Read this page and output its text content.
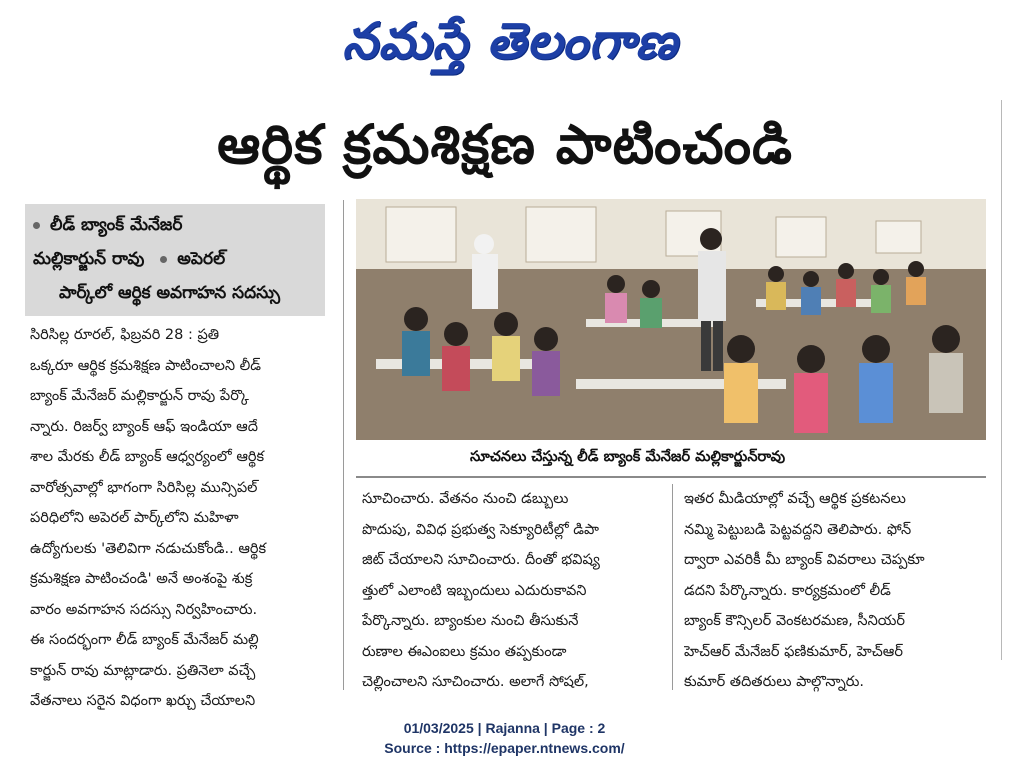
నమస్తే తెలంగాణ
ఆర్థిక క్రమశిక్షణ పాటించండి
లీడ్ బ్యాంక్ మేనేజర్
మల్లికార్జున్ రావు అపెరల్
పార్క్‌లో ఆర్థిక అవగాహన సదస్సు
సిరిసిల్ల రూరల్, ఫిబ్రవరి 28 : ప్రతి
ఒక్కరూ ఆర్థిక క్రమశిక్షణ పాటించాలని లీడ్
బ్యాంక్ మేనేజర్ మల్లికార్జున్ రావు పేర్కొ
న్నారు. రిజర్వ్ బ్యాంక్ ఆఫ్ ఇండియా ఆదే
శాల మేరకు లీడ్ బ్యాంక్ ఆధ్వర్యంలో ఆర్థిక
వారోత్సవాల్లో భాగంగా సిరిసిల్ల మున్సిపల్
పరిధిలోని అపెరల్ పార్క్‌లోని మహిళా
ఉద్యోగులకు 'తెలివిగా నడుచుకోండి.. ఆర్థిక
క్రమశిక్షణ పాటించండి' అనే అంశంపై శుక్ర
వారం అవగాహన సదస్సు నిర్వహించారు.
ఈ సందర్భంగా లీడ్ బ్యాంక్ మేనేజర్ మల్లి
కార్జున్ రావు మాట్లాడారు. ప్రతినెలా వచ్చే
వేతనాలు సరైన విధంగా ఖర్చు చేయాలని
సూచనలు చేస్తున్న లీడ్ బ్యాంక్ మేనేజర్ మల్లికార్జున్‌రావు
సూచించారు. వేతనం నుంచి డబ్బులు
పొదుపు, వివిధ ప్రభుత్వ సెక్యూరిటీల్లో డిపా
జిట్ చేయాలని సూచించారు. దీంతో భవిష్య
త్తులో ఎలాంటి ఇబ్బందులు ఎదురుకావని
పేర్కొన్నారు. బ్యాంకుల నుంచి తీసుకునే
రుణాల ఈఎంఐలు క్రమం తప్పకుండా
చెల్లించాలని సూచించారు. అలాగే సోషల్,
ఇతర మీడియాల్లో వచ్చే ఆర్థిక ప్రకటనలు
నమ్మి పెట్టుబడి పెట్టవద్దని తెలిపారు. ఫోన్
ద్వారా ఎవరికీ మీ బ్యాంక్ వివరాలు చెప్పకూ
డదని పేర్కొన్నారు. కార్యక్రమంలో లీడ్
బ్యాంక్ కౌన్సిలర్ వెంకటరమణ, సీనియర్
హెచ్ఆర్ మేనేజర్ ఫణికుమార్, హెచ్ఆర్
కుమార్ తదితరులు పాల్గొన్నారు.
01/03/2025 | Rajanna | Page : 2
Source : https://epaper.ntnews.com/
